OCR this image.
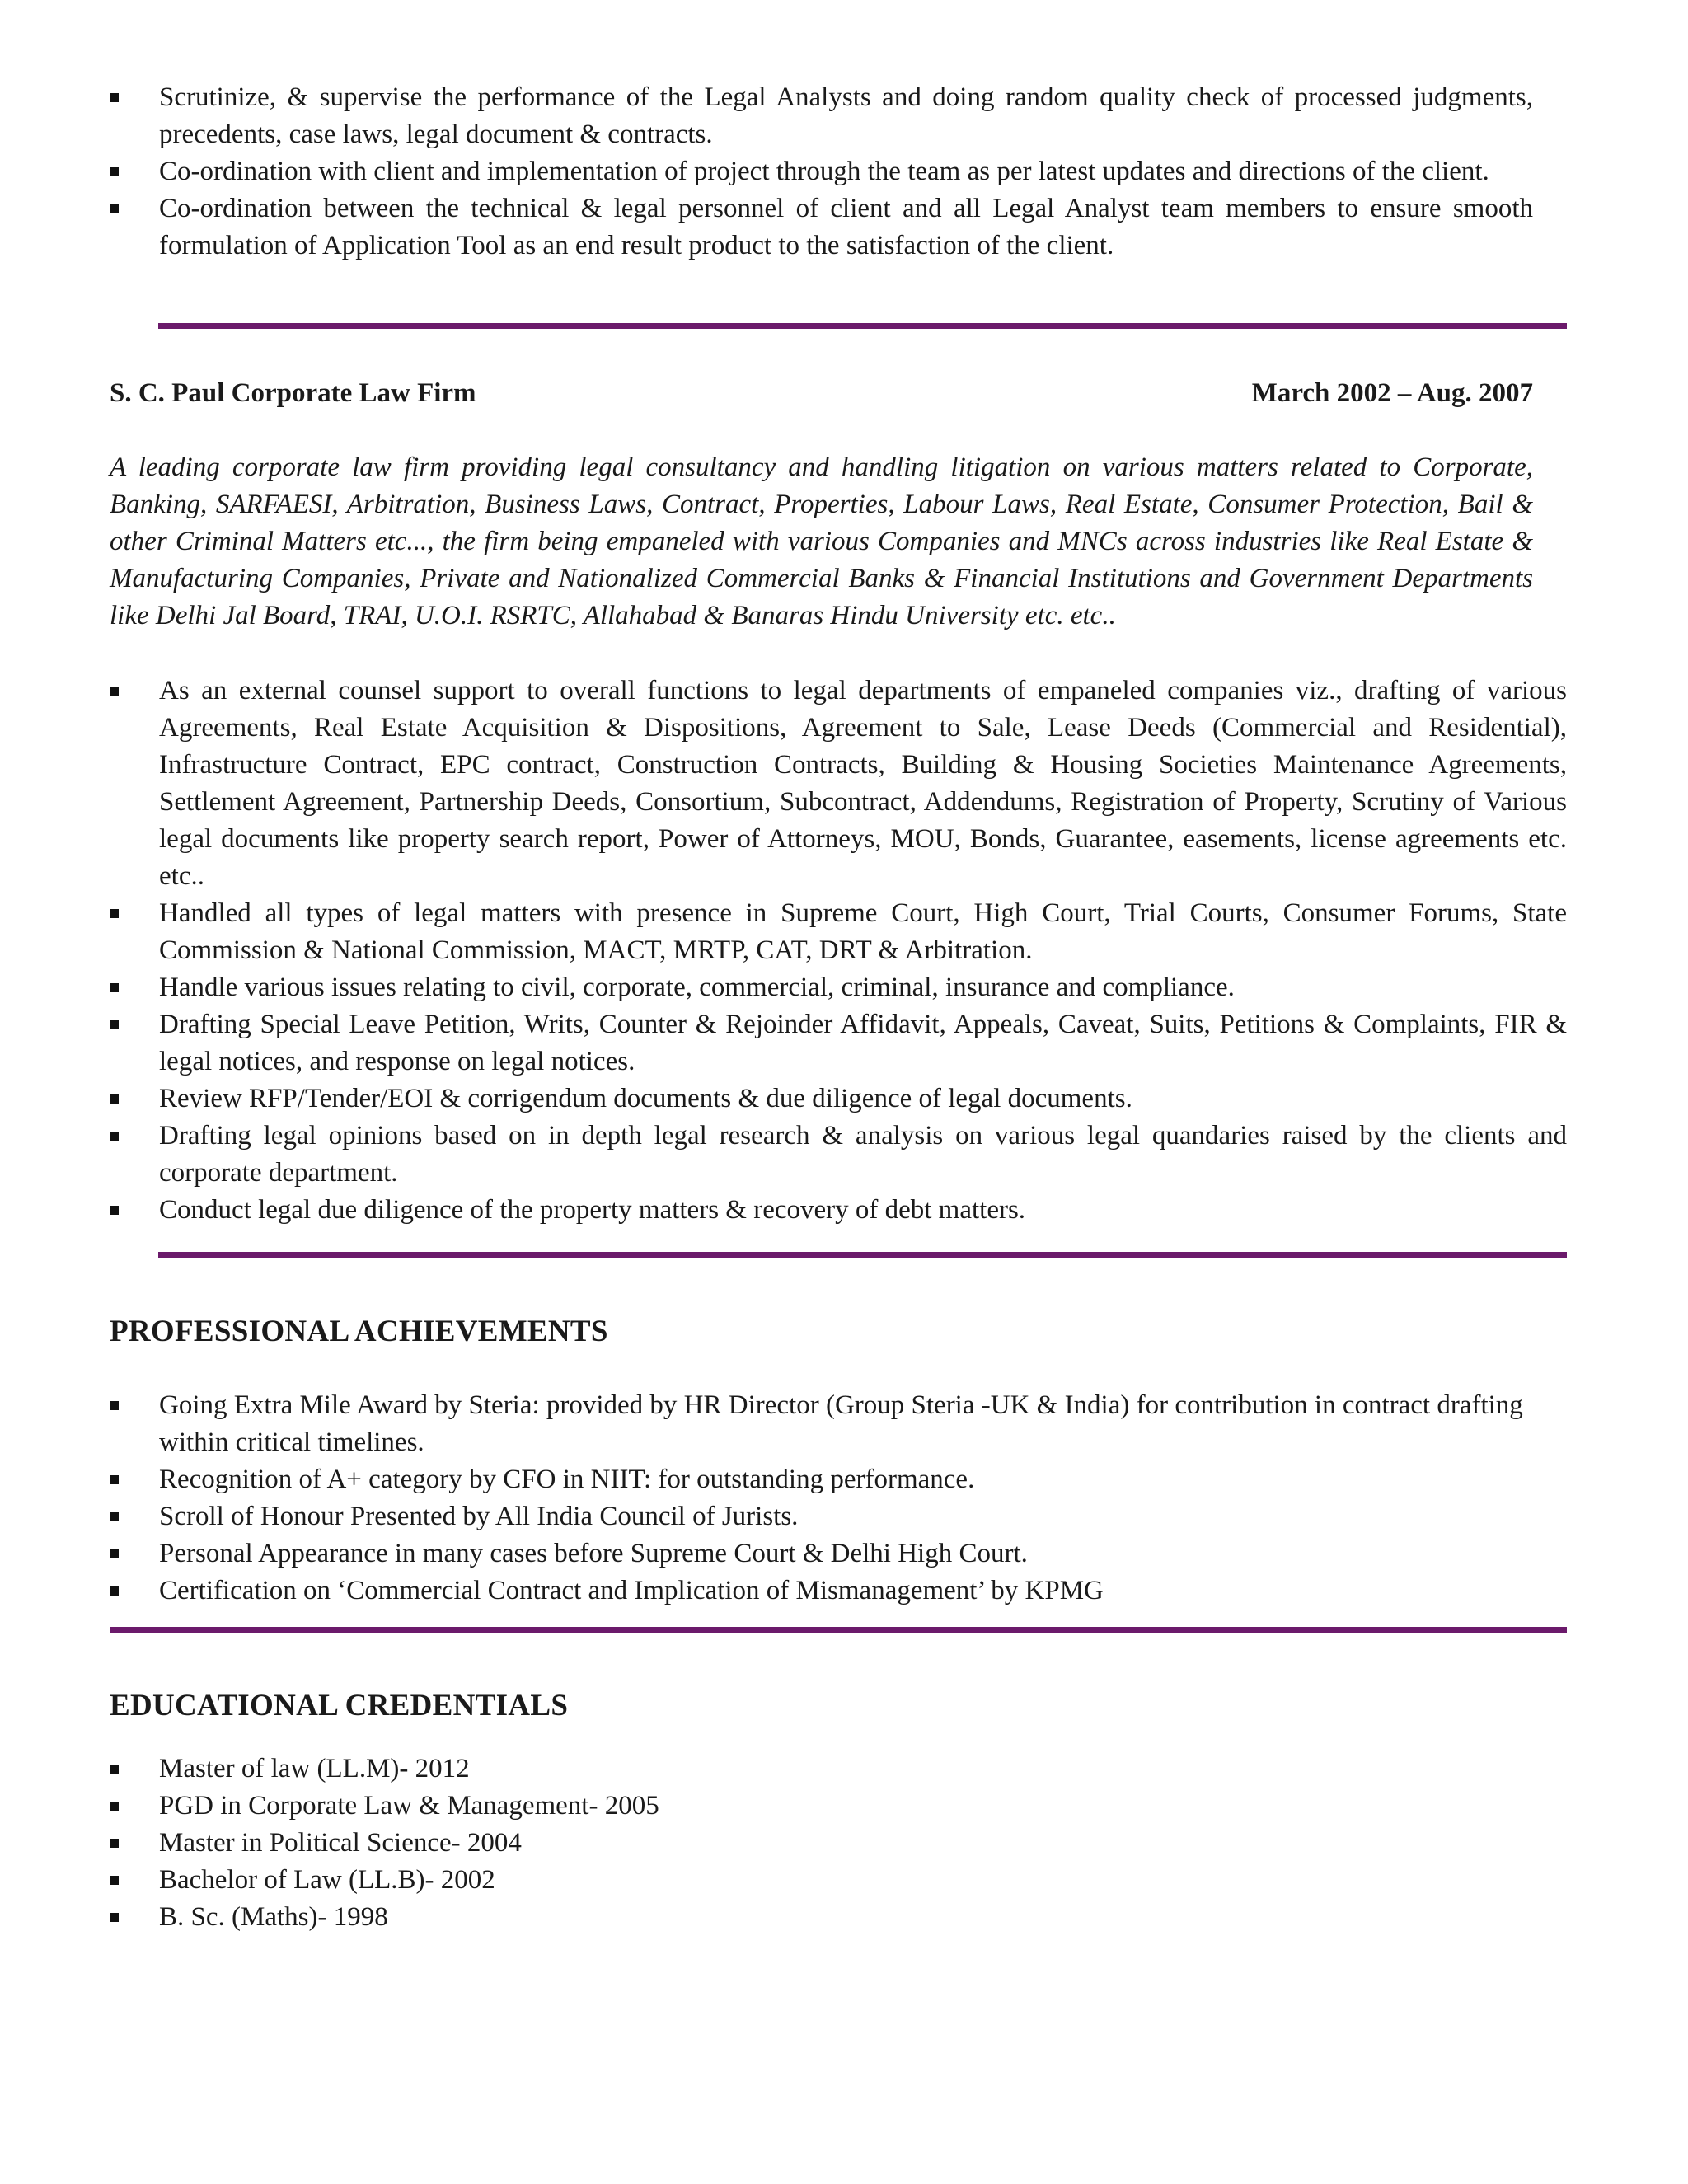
Scrutinize, & supervise the performance of the Legal Analysts and doing random quality check of processed judgments, precedents, case laws, legal document & contracts.
Co-ordination with client and implementation of project through the team as per latest updates and directions of the client.
Co-ordination between the technical & legal personnel of client and all Legal Analyst team members to ensure smooth formulation of Application Tool as an end result product to the satisfaction of the client.
S. C. Paul Corporate Law Firm	March 2002 – Aug. 2007
A leading corporate law firm providing legal consultancy and handling litigation on various matters related to Corporate, Banking, SARFAESI, Arbitration, Business Laws, Contract, Properties, Labour Laws, Real Estate, Consumer Protection, Bail & other Criminal Matters etc..., the firm being empaneled with various Companies and MNCs across industries like Real Estate & Manufacturing Companies, Private and Nationalized Commercial Banks & Financial Institutions and Government Departments like Delhi Jal Board, TRAI, U.O.I. RSRTC, Allahabad & Banaras Hindu University etc. etc..
As an external counsel support to overall functions to legal departments of empaneled companies viz., drafting of various Agreements, Real Estate Acquisition & Dispositions, Agreement to Sale, Lease Deeds (Commercial and Residential), Infrastructure Contract, EPC contract, Construction Contracts, Building & Housing Societies Maintenance Agreements, Settlement Agreement, Partnership Deeds, Consortium, Subcontract, Addendums, Registration of Property, Scrutiny of Various legal documents like property search report, Power of Attorneys, MOU, Bonds, Guarantee, easements, license agreements etc. etc..
Handled all types of legal matters with presence in Supreme Court, High Court, Trial Courts, Consumer Forums, State Commission & National Commission, MACT, MRTP, CAT, DRT & Arbitration.
Handle various issues relating to civil, corporate, commercial, criminal, insurance and compliance.
Drafting Special Leave Petition, Writs, Counter & Rejoinder Affidavit, Appeals, Caveat, Suits, Petitions & Complaints, FIR & legal notices, and response on legal notices.
Review RFP/Tender/EOI & corrigendum documents & due diligence of legal documents.
Drafting legal opinions based on in depth legal research & analysis on various legal quandaries raised by the clients and corporate department.
Conduct legal due diligence of the property matters & recovery of debt matters.
PROFESSIONAL ACHIEVEMENTS
Going Extra Mile Award by Steria: provided by HR Director (Group Steria -UK & India) for contribution in contract drafting within critical timelines.
Recognition of A+ category by CFO in NIIT: for outstanding performance.
Scroll of Honour Presented by All India Council of Jurists.
Personal Appearance in many cases before Supreme Court & Delhi High Court.
Certification on ‘Commercial Contract and Implication of Mismanagement’ by KPMG
EDUCATIONAL CREDENTIALS
Master of law (LL.M)- 2012
PGD in Corporate Law & Management- 2005
Master in Political Science- 2004
Bachelor of Law (LL.B)- 2002
B. Sc. (Maths)- 1998
